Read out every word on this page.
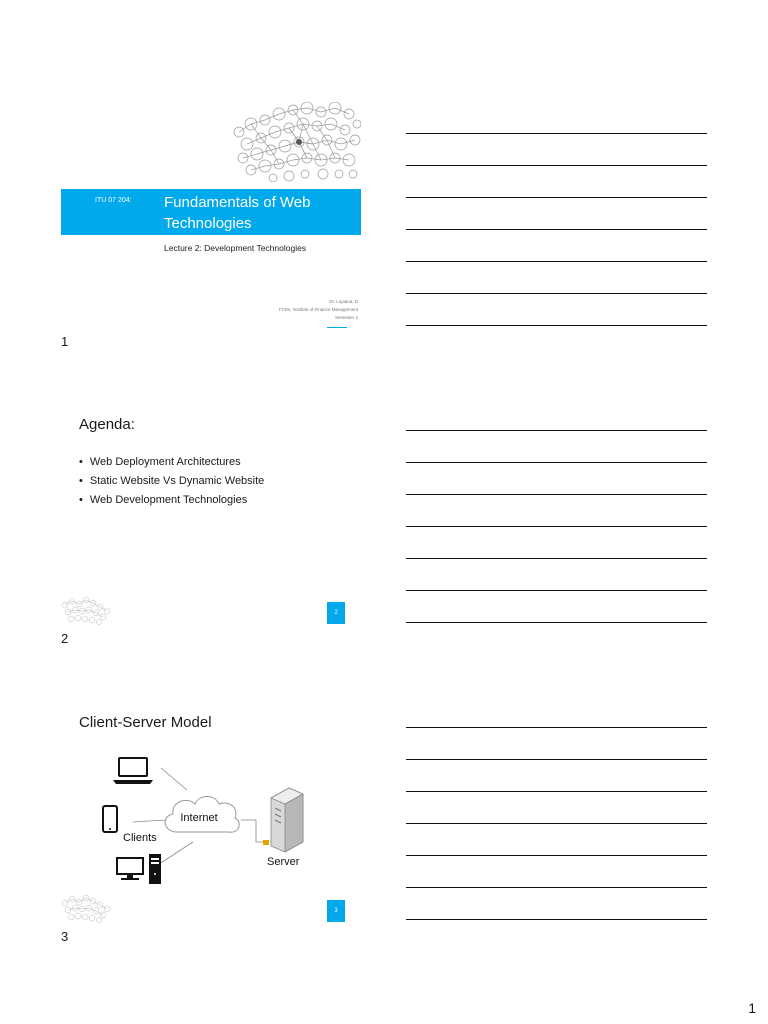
ITU 07 204: Fundamentals of Web Technologies
Lecture 2: Development Technologies
Dr. Lupiana, D
FCIM, Institute of Finance Management
Semester 2
1
Agenda:
• Web Deployment Architectures
• Static Website Vs Dynamic Website
• Web Development Technologies
2
2
Client-Server Model
Internet
Clients
Server
3
3
1
